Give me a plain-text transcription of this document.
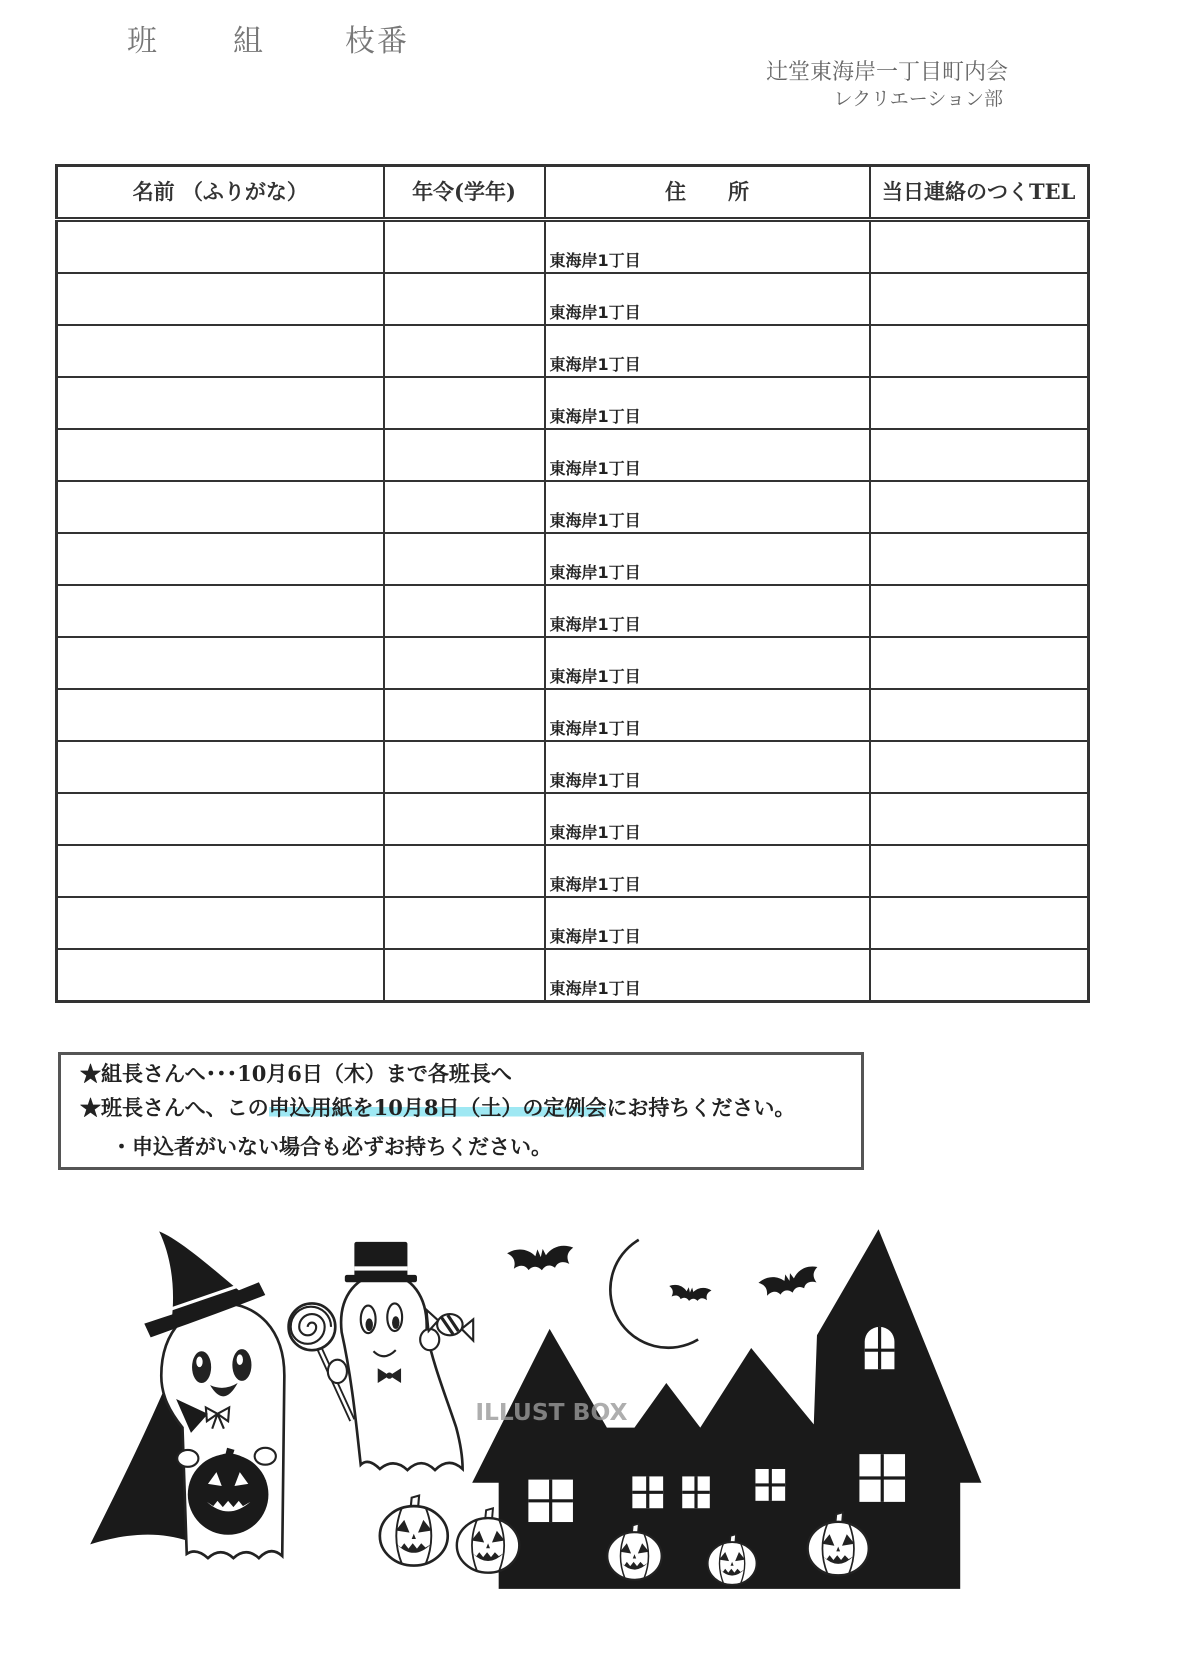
班	組	枝番
辻堂東海岸一丁目町内会
レクリエーション部
名前 （ふりがな）	年令(学年)	住　　所	当日連絡のつくTEL
		東海岸1丁目	
		東海岸1丁目	
		東海岸1丁目	
		東海岸1丁目	
		東海岸1丁目	
		東海岸1丁目	
		東海岸1丁目	
		東海岸1丁目	
		東海岸1丁目	
		東海岸1丁目	
		東海岸1丁目	
		東海岸1丁目	
		東海岸1丁目	
		東海岸1丁目	
		東海岸1丁目	
★組長さんへ･･･10月6日（木）まで各班長へ
★班長さんへ、この申込用紙を10月8日（土）の定例会にお持ちください。
・申込者がいない場合も必ずお持ちください。
ILLUST BOX
